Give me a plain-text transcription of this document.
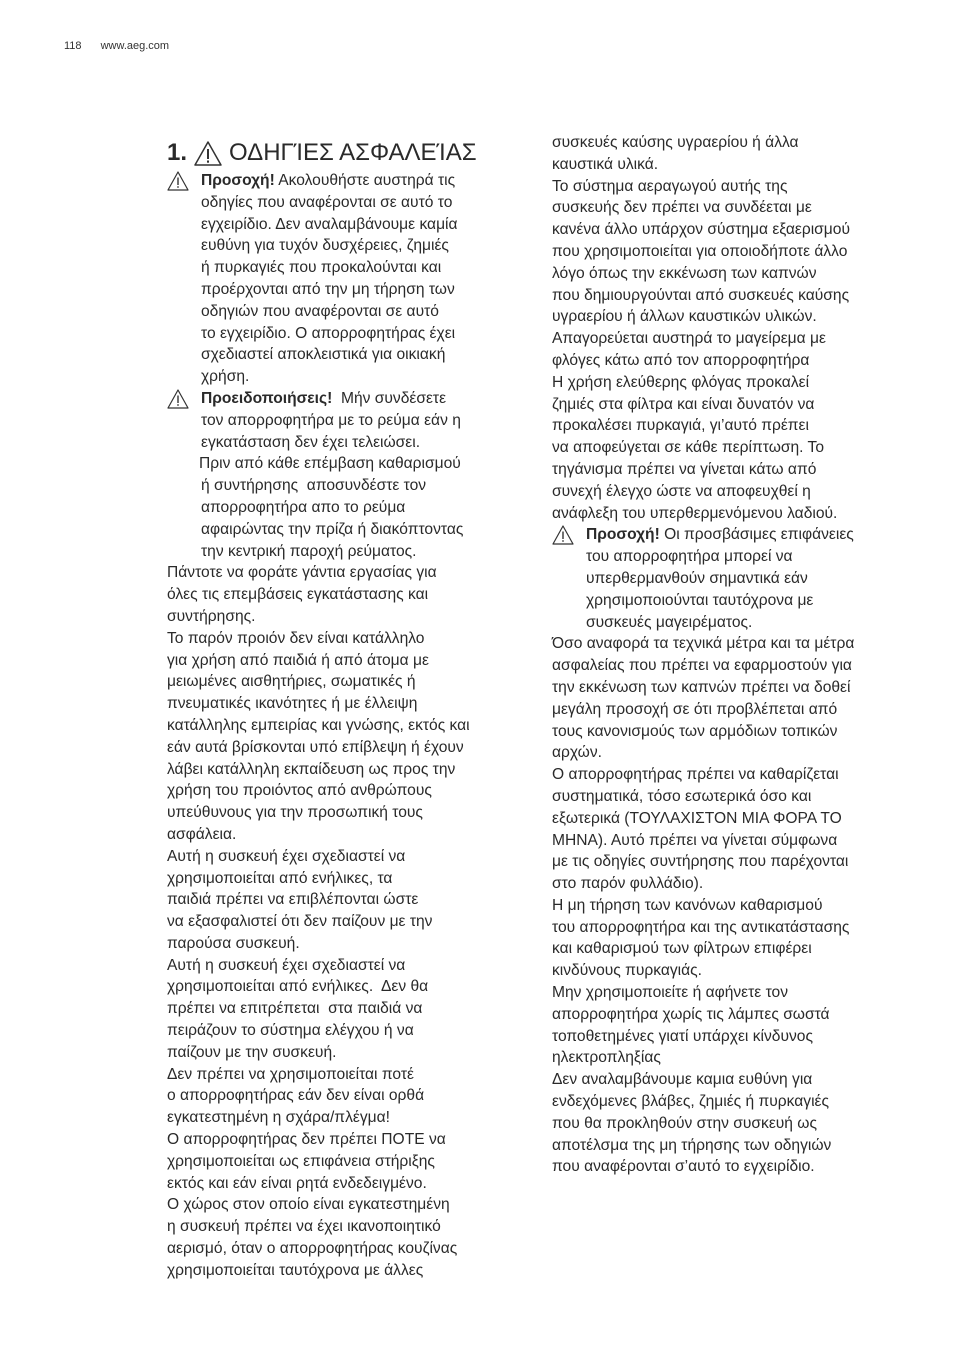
118 www.aeg.com
1. ΟΔΗΓΊΕΣ ΑΣΦΑΛΕΊΑΣ
Προσοχή! Ακολουθήστε αυστηρά τις
οδηγίες που αναφέρονται σε αυτό το
εγχειρίδιο. Δεν αναλαμβάνουμε καμία
ευθύνη για τυχόν δυσχέρειες, ζημιές
ή πυρκαγιές που προκαλούνται και
προέρχονται από την μη τήρηση των
οδηγιών που αναφέρονται σε αυτό
το εγχειρίδιο. Ο απορροφητήρας έχει
σχεδιαστεί αποκλειστικά για οικιακή
χρήση.
Προειδοποιήσεις!  Μήν συνδέσετε
τον απορροφητήρα με το ρεύμα εάν η
εγκατάσταση δεν έχει τελειώσει.
Πριν από κάθε επέμβαση καθαρισμού
ή συντήρησης  αποσυνδέστε τον
απορροφητήρα απο το ρεύμα
αφαιρώντας την πρίζα ή διακόπτοντας
την κεντρική παροχή ρεύματος.
Πάντοτε να φοράτε γάντια εργασίας για
όλες τις επεμβάσεις εγκατάστασης και
συντήρησης.
Το παρόν προιόν δεν είναι κατάλληλο
για χρήση από παιδιά ή από άτομα με
μειωμένες αισθητήριες, σωματικές ή
πνευματικές ικανότητες ή με έλλειψη
κατάλληλης εμπειρίας και γνώσης, εκτός και
εάν αυτά βρίσκονται υπό επίβλεψη ή έχουν
λάβει κατάλληλη εκπαίδευση ως προς την
χρήση του προιόντος από ανθρώπους
υπεύθυνους για την προσωπική τους
ασφάλεια.
Αυτή η συσκευή έχει σχεδιαστεί να
χρησιμοποιείται από ενήλικες, τα
παιδιά πρέπει να επιβλέπονται ώστε
να εξασφαλιστεί ότι δεν παίζουν με την
παρούσα συσκευή.
Αυτή η συσκευή έχει σχεδιαστεί να
χρησιμοποιείται από ενήλικες.  Δεν θα
πρέπει να επιτρέπεται  στα παιδιά να
πειράζουν το σύστημα ελέγχου ή να
παίζουν με την συσκευή.
Δεν πρέπει να χρησιμοποιείται ποτέ
ο απορροφητήρας εάν δεν είναι ορθά
εγκατεστημένη η σχάρα/πλέγμα!
Ο απορροφητήρας δεν πρέπει ΠΟΤΕ να
χρησιμοποιείται ως επιφάνεια στήριξης
εκτός και εάν είναι ρητά ενδεδειγμένο.
Ο χώρος στον οποίο είναι εγκατεστημένη
η συσκευή πρέπει να έχει ικανοποιητικό
αερισμό, όταν ο απορροφητήρας κουζίνας
χρησιμοποιείται ταυτόχρονα με άλλες
συσκευές καύσης υγραερίου ή άλλα
καυστικά υλικά.
Το σύστημα αεραγωγού αυτής της
συσκευής δεν πρέπει να συνδέεται με
κανένα άλλο υπάρχον σύστημα εξαερισμού
που χρησιμοποιείται για οποιοδήποτε άλλο
λόγο όπως την εκκένωση των καπνών
που δημιουργούνται από συσκευές καύσης
υγραερίου ή άλλων καυστικών υλικών.
Απαγορεύεται αυστηρά το μαγείρεμα με
φλόγες κάτω από τον απορροφητήρα
Η χρήση ελεύθερης φλόγας προκαλεί
ζημιές στα φίλτρα και είναι δυνατόν να
προκαλέσει πυρκαγιά, γι’αυτό πρέπει
να αποφεύγεται σε κάθε περίπτωση. Το
τηγάνισμα πρέπει να γίνεται κάτω από
συνεχή έλεγχο ώστε να αποφευχθεί η
ανάφλεξη του υπερθερμενόμενου λαδιού.
Προσοχή! Οι προσβάσιμες επιφάνειες
του απορροφητήρα μπορεί να
υπερθερμανθούν σημαντικά εάν
χρησιμοποιούνται ταυτόχρονα με
συσκευές μαγειρέματος.
Όσο αναφορά τα τεχνικά μέτρα και τα μέτρα
ασφαλείας που πρέπει να εφαρμοστούν για
την εκκένωση των καπνών πρέπει να δοθεί
μεγάλη προσοχή σε ότι προβλέπεται από
τους κανονισμούς των αρμόδιων τοπικών
αρχών.
Ο απορροφητήρας πρέπει να καθαρίζεται
συστηματικά, τόσο εσωτερικά όσο και
εξωτερικά (ΤΟΥΛΑΧΙΣΤΟΝ ΜΙΑ ΦΟΡΑ ΤΟ
ΜΗΝΑ). Αυτό πρέπει να γίνεται σύμφωνα
με τις οδηγίες συντήρησης που παρέχονται
στο παρόν φυλλάδιο).
Η μη τήρηση των κανόνων καθαρισμού
του απορροφητήρα και της αντικατάστασης
και καθαρισμού των φίλτρων επιφέρει
κινδύνους πυρκαγιάς.
Μην χρησιμοποιείτε ή αφήνετε τον
απορροφητήρα χωρίς τις λάμπες σωστά
τοποθετημένες γιατί υπάρχει κίνδυνος
ηλεκτροπληξίας
Δεν αναλαμβάνουμε καμια ευθύνη για
ενδεχόμενες βλάβες, ζημιές ή πυρκαγιές
που θα προκληθούν στην συσκευή ως
αποτέλσμα της μη τήρησης των οδηγιών
που αναφέρονται σ’αυτό το εγχειρίδιο.
